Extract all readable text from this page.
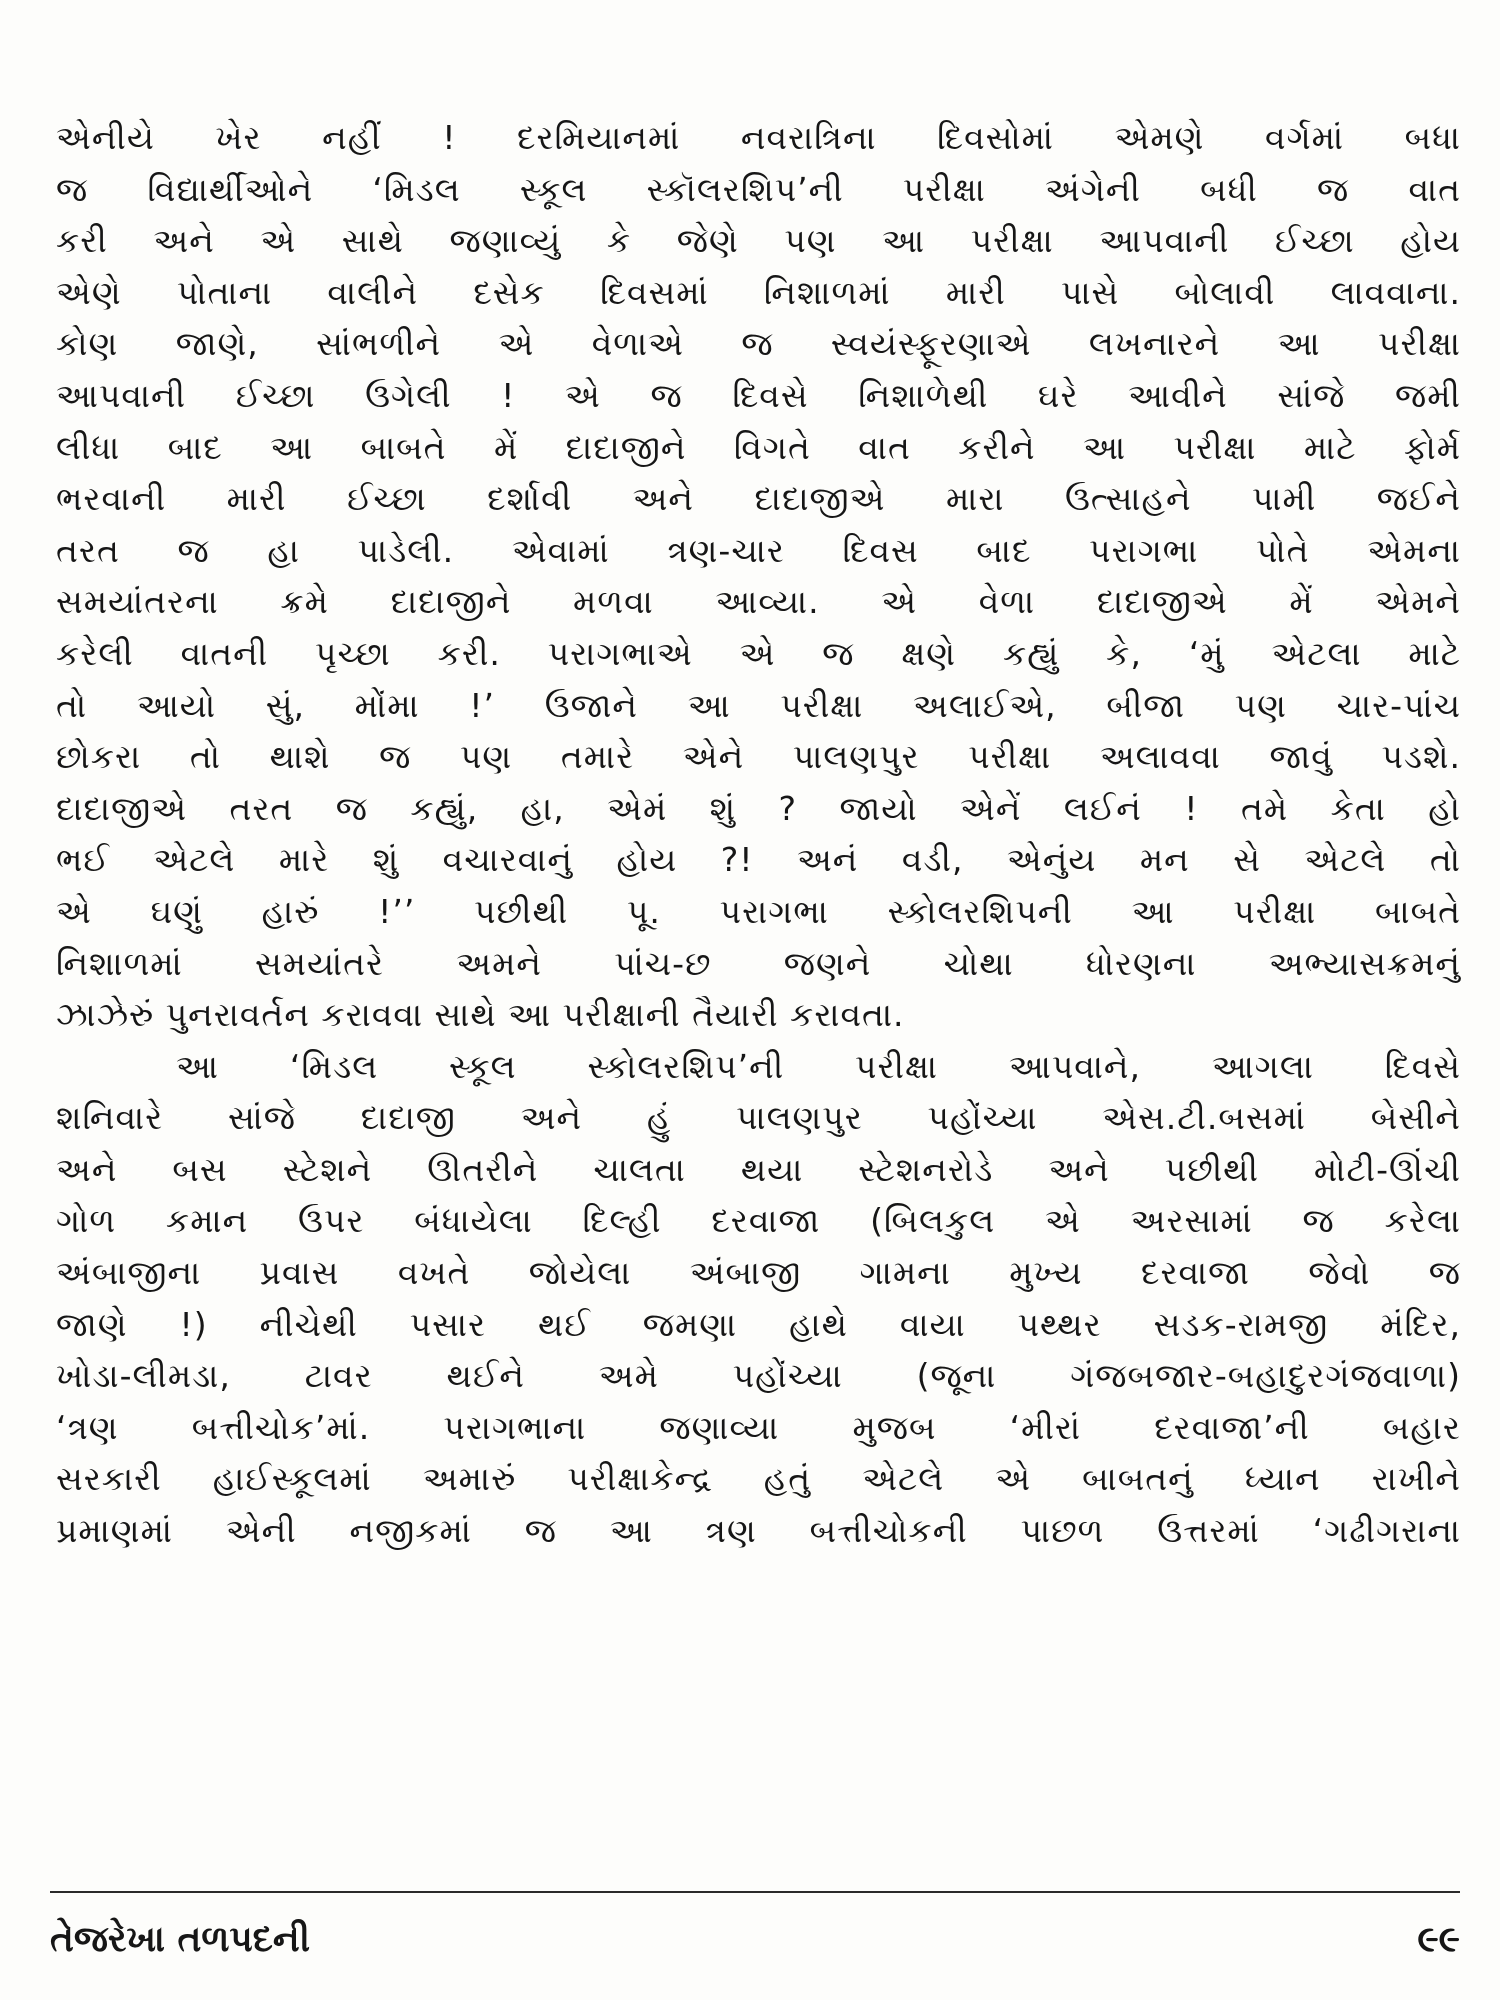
એનીયે ખેર નહીં ! દરમિયાનમાં નવરાત્રિના દિવસોમાં એમણે વર્ગમાં બધા
જ વિદ્યાર્થીઓને ‘મિડલ સ્કૂલ સ્કૉલરશિપ’ની પરીક્ષા અંગેની બધી જ વાત
કરી અને એ સાથે જણાવ્યું કે જેણે પણ આ પરીક્ષા આપવાની ઈચ્છા હોય
એણે પોતાના વાલીને દસેક દિવસમાં નિશાળમાં મારી પાસે બોલાવી લાવવાના.
કોણ જાણે, સાંભળીને એ વેળાએ જ સ્વયંસ્ફૂરણાએ લખનારને આ પરીક્ષા
આપવાની ઈચ્છા ઉગેલી ! એ જ દિવસે નિશાળેથી ઘરે આવીને સાંજે જમી
લીધા બાદ આ બાબતે મેં દાદાજીને વિગતે વાત કરીને આ પરીક્ષા માટે ફોર્મ
ભરવાની મારી ઈચ્છા દર્શાવી અને દાદાજીએ મારા ઉત્સાહને પામી જઈને
તરત જ હા પાડેલી. એવામાં ત્રણ-ચાર દિવસ બાદ પરાગભા પોતે એમના
સમયાંતરના ક્રમે દાદાજીને મળવા આવ્યા. એ વેળા દાદાજીએ મેં એમને
કરેલી વાતની પૃચ્છા કરી. પરાગભાએ એ જ ક્ષણે કહ્યું કે, ‘મું એટલા માટે
તો આયો સું, મોંમા !’ ઉજાને આ પરીક્ષા અલાઈએ, બીજા પણ ચાર-પાંચ
છોકરા તો થાશે જ પણ તમારે એને પાલણપુર પરીક્ષા અલાવવા જાવું પડશે.
દાદાજીએ તરત જ કહ્યું, હા, એમં શું ? જાયો એનેં લઈનં ! તમે કેતા હો
ભઈ એટલે મારે શું વચારવાનું હોય ?! અનં વડી, એનુંય મન સે એટલે તો
એ ઘણું હારું !’’ પછીથી પૂ. પરાગભા સ્કોલરશિપની આ પરીક્ષા બાબતે
નિશાળમાં સમયાંતરે અમને પાંચ-છ જણને ચોથા ધોરણના અભ્યાસક્રમનું
ઝાઝેરું પુનરાવર્તન કરાવવા સાથે આ પરીક્ષાની તૈયારી કરાવતા.
આ ‘મિડલ સ્કૂલ સ્કોલરશિપ’ની પરીક્ષા આપવાને, આગલા દિવસે
શનિવારે સાંજે દાદાજી અને હું પાલણપુર પહોંચ્યા એસ.ટી.બસમાં બેસીને
અને બસ સ્ટેશને ઊતરીને ચાલતા થયા સ્ટેશનરોડે અને પછીથી મોટી-ઊંચી
ગોળ કમાન ઉપર બંધાયેલા દિલ્હી દરવાજા (બિલકુલ એ અરસામાં જ કરેલા
અંબાજીના પ્રવાસ વખતે જોયેલા અંબાજી ગામના મુખ્ય દરવાજા જેવો જ
જાણે !) નીચેથી પસાર થઈ જમણા હાથે વાયા પથ્થર સડક-રામજી મંદિર,
ખોડા-લીમડા, ટાવર થઈને અમે પહોંચ્યા (જૂના ગંજબજાર-બહાદુરગંજવાળા)
‘ત્રણ બત્તીચોક’માં. પરાગભાના જણાવ્યા મુજબ ‘મીરાં દરવાજા’ની બહાર
સરકારી હાઈસ્કૂલમાં અમારું પરીક્ષાકેન્દ્ર હતું એટલે એ બાબતનું ધ્યાન રાખીને
પ્રમાણમાં એની નજીકમાં જ આ ત્રણ બત્તીચોકની પાછળ ઉત્તરમાં ‘ગઢીગરાના
તેજરેખા તળપદની	૯૯
